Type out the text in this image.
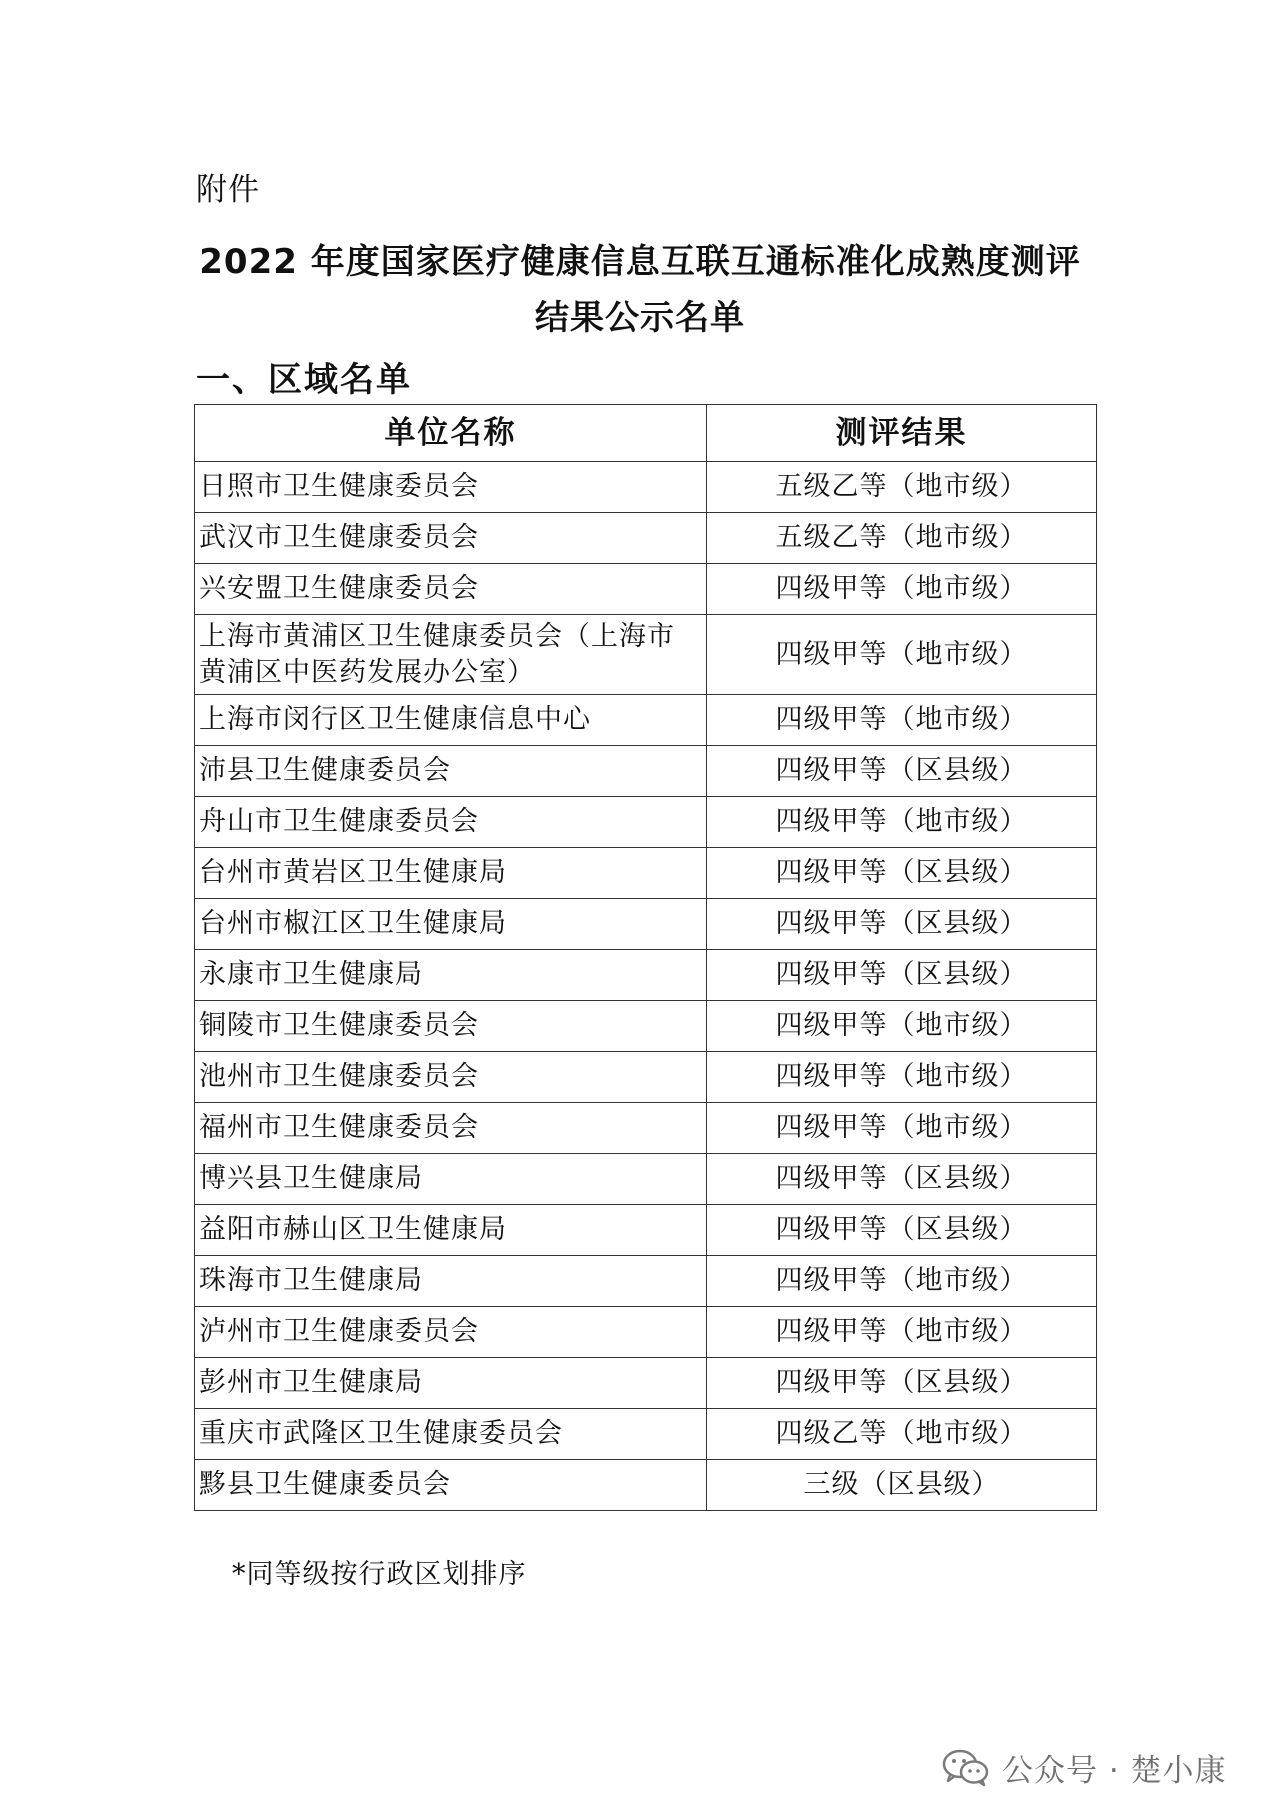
附件
2022 年度国家医疗健康信息互联互通标准化成熟度测评
结果公示名单
一、区域名单
单位名称	测评结果
日照市卫生健康委员会	五级乙等（地市级）
武汉市卫生健康委员会	五级乙等（地市级）
兴安盟卫生健康委员会	四级甲等（地市级）
上海市黄浦区卫生健康委员会（上海市黄浦区中医药发展办公室）	四级甲等（地市级）
上海市闵行区卫生健康信息中心	四级甲等（地市级）
沛县卫生健康委员会	四级甲等（区县级）
舟山市卫生健康委员会	四级甲等（地市级）
台州市黄岩区卫生健康局	四级甲等（区县级）
台州市椒江区卫生健康局	四级甲等（区县级）
永康市卫生健康局	四级甲等（区县级）
铜陵市卫生健康委员会	四级甲等（地市级）
池州市卫生健康委员会	四级甲等（地市级）
福州市卫生健康委员会	四级甲等（地市级）
博兴县卫生健康局	四级甲等（区县级）
益阳市赫山区卫生健康局	四级甲等（区县级）
珠海市卫生健康局	四级甲等（地市级）
泸州市卫生健康委员会	四级甲等（地市级）
彭州市卫生健康局	四级甲等（区县级）
重庆市武隆区卫生健康委员会	四级乙等（地市级）
黟县卫生健康委员会	三级（区县级）
*同等级按行政区划排序
公众号 · 楚小康
